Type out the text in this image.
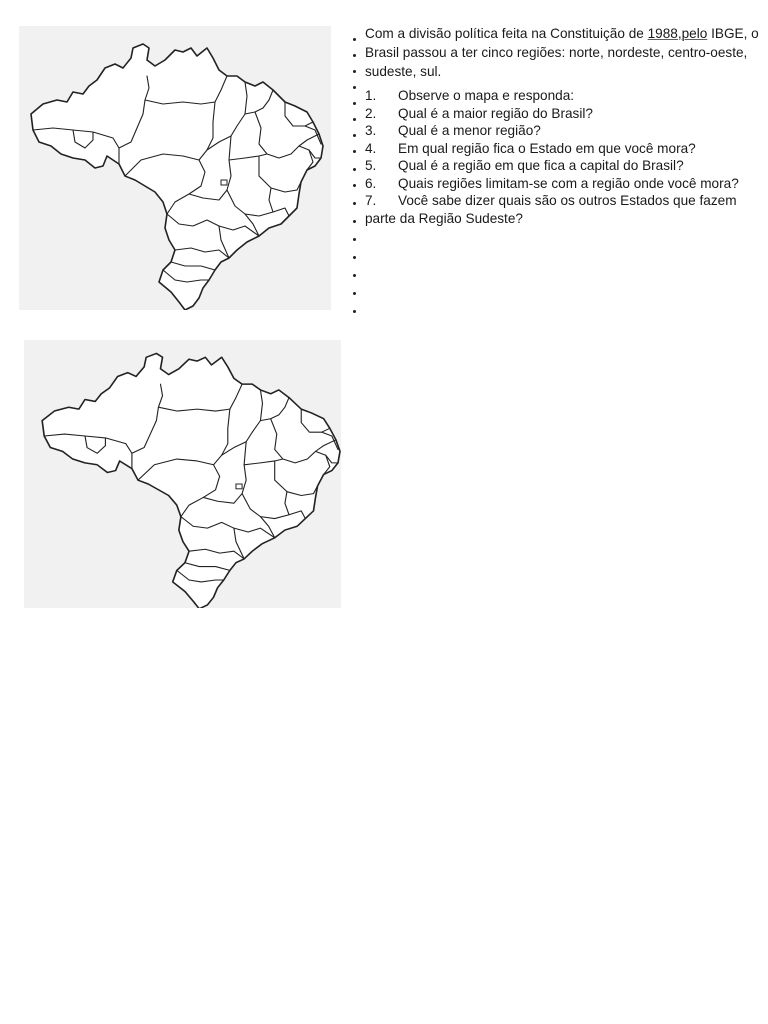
Com a divisão política feita na Constituição de 1988,pelo IBGE, o Brasil passou a ter cinco regiões: norte, nordeste, centro-oeste, sudeste, sul.

1. Observe o mapa e responda:
2. Qual é a maior região do Brasil?
3. Qual é a menor região?
4. Em qual região fica o Estado em que você mora?
5. Qual é a região em que fica a capital do Brasil?
6. Quais regiões limitam-se com a região onde você mora?
7. Você sabe dizer quais são os outros Estados que fazem parte da Região Sudeste?
